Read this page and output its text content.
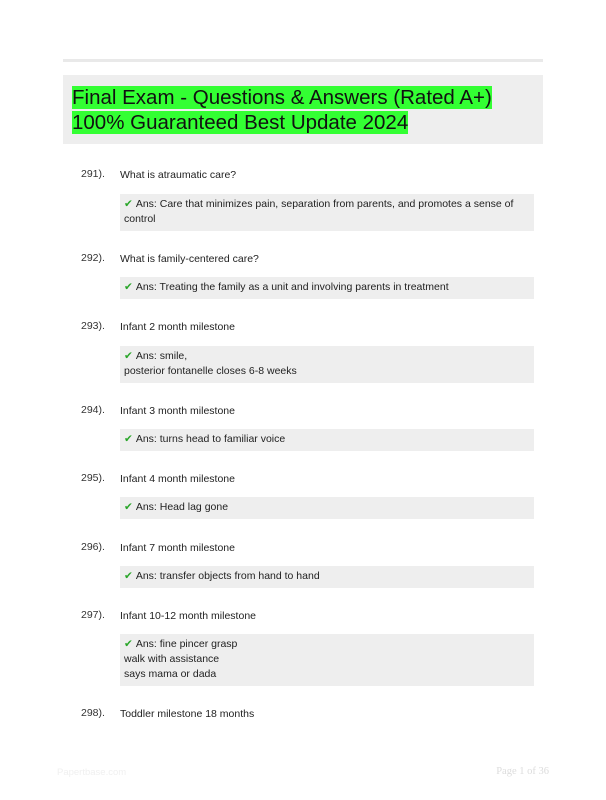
Final Exam - Questions & Answers (Rated A+)
100% Guaranteed Best Update 2024
291). What is atraumatic care?
✔ Ans: Care that minimizes pain, separation from parents, and promotes a sense of control
292). What is family-centered care?
✔ Ans: Treating the family as a unit and involving parents in treatment
293). Infant 2 month milestone
✔ Ans: smile,
posterior fontanelle closes 6-8 weeks
294). Infant 3 month milestone
✔ Ans: turns head to familiar voice
295). Infant 4 month milestone
✔ Ans: Head lag gone
296). Infant 7 month milestone
✔ Ans: transfer objects from hand to hand
297). Infant 10-12 month milestone
✔ Ans: fine pincer grasp
walk with assistance
says mama or dada
298). Toddler milestone 18 months
Papertbase.com	Page 1 of 36
